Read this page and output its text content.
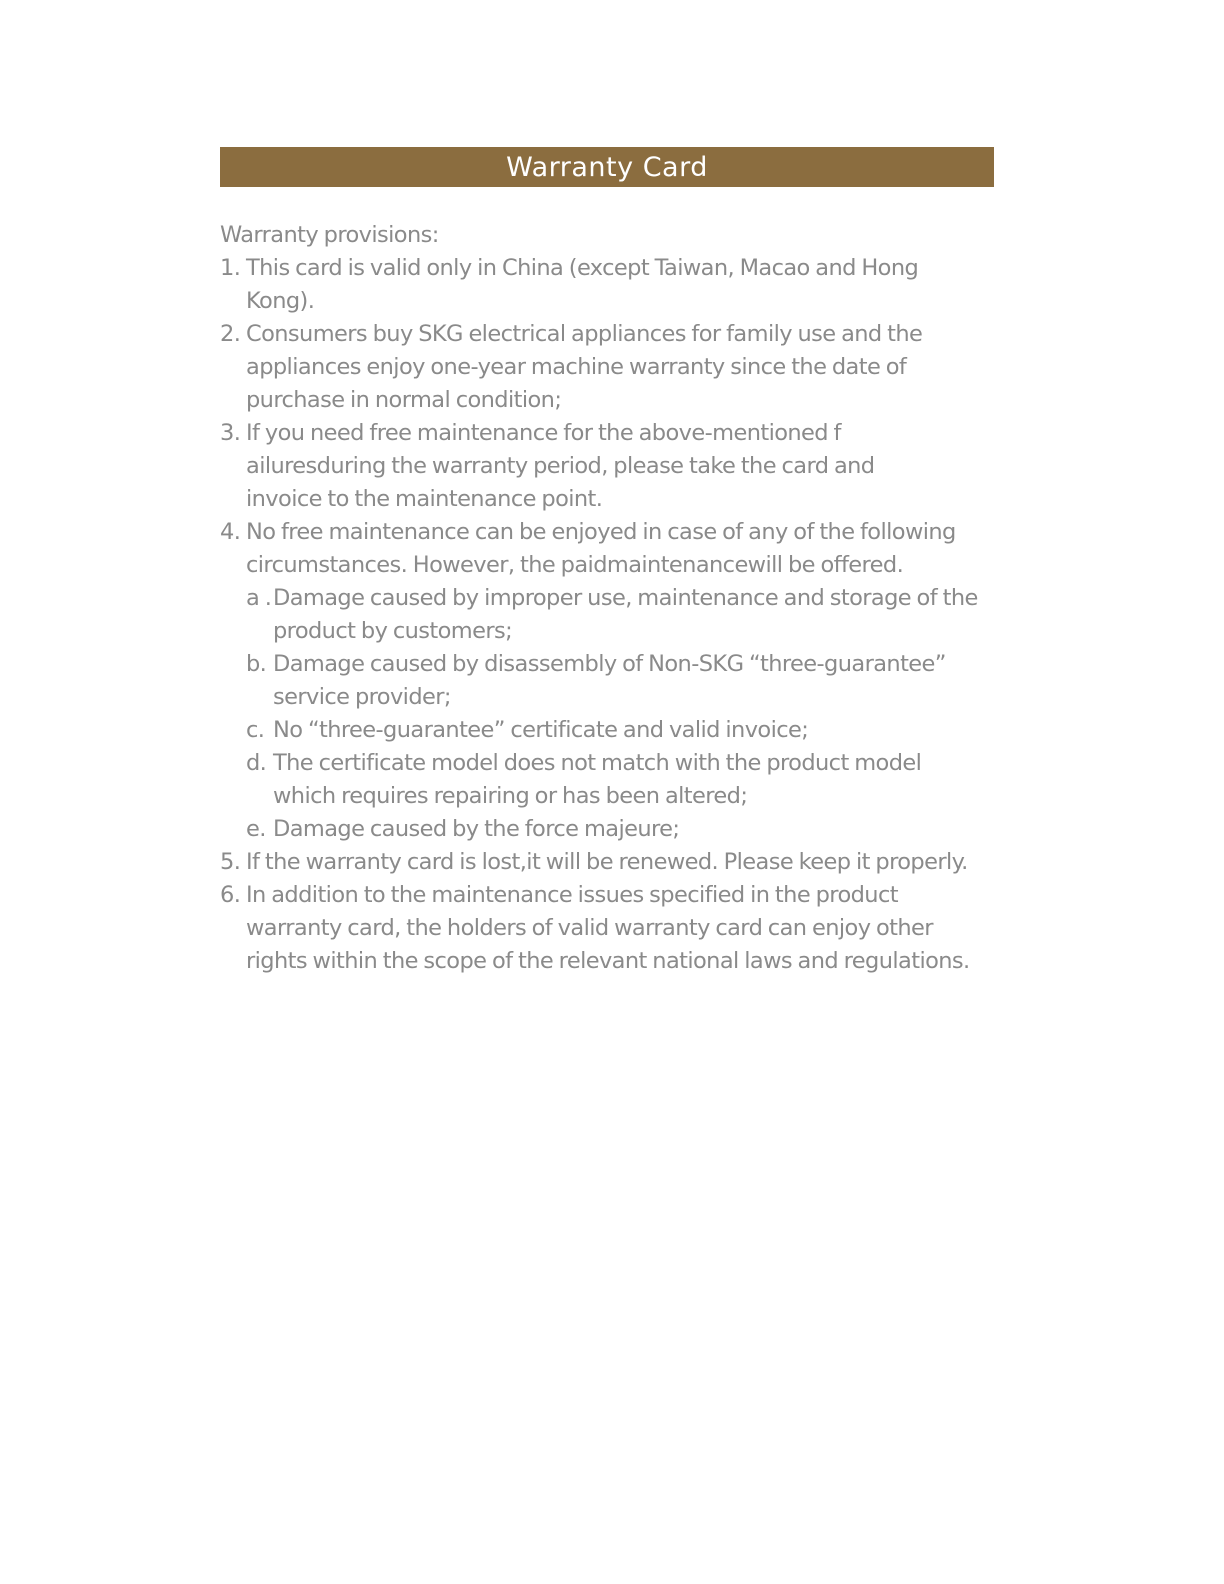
Warranty Card
Warranty provisions:
1. This card is valid only in China (except Taiwan, Macao and Hong
Kong).
2. Consumers buy SKG electrical appliances for family use and the
appliances enjoy one-year machine warranty since the date of
purchase in normal condition;
3. If you need free maintenance for the above-mentioned f
ailuresduring the warranty period, please take the card and
invoice to the maintenance point.
4. No free maintenance can be enjoyed in case of any of the following
circumstances. However, the paidmaintenancewill be offered.
a . Damage caused by improper use, maintenance and storage of the
product by customers;
b. Damage caused by disassembly of Non-SKG “three-guarantee”
service provider;
c. No “three-guarantee” certificate and valid invoice;
d. The certificate model does not match with the product model
which requires repairing or has been altered;
e. Damage caused by the force majeure;
5. If the warranty card is lost,it will be renewed. Please keep it properly.
6. In addition to the maintenance issues specified in the product
warranty card, the holders of valid warranty card can enjoy other
rights within the scope of the relevant national laws and regulations.
